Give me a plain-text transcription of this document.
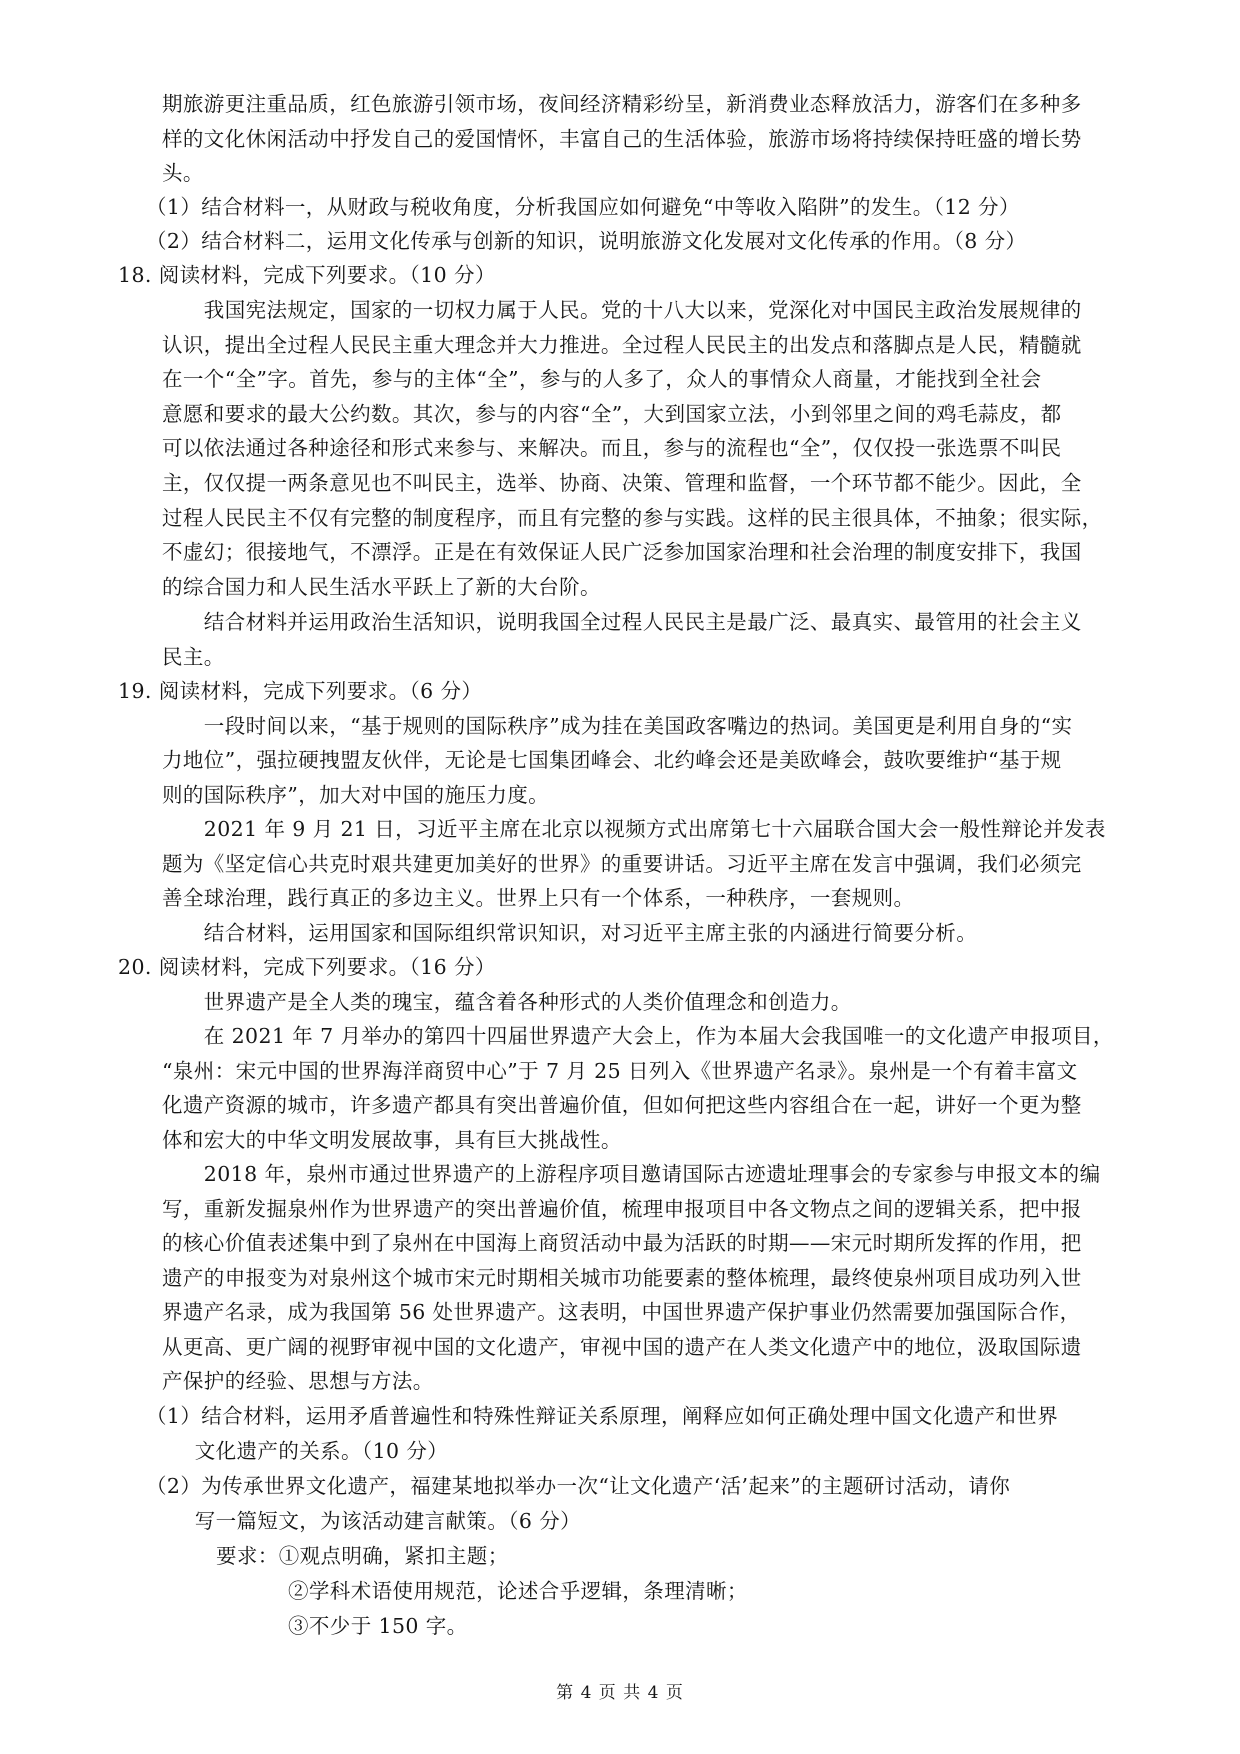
期旅游更注重品质，红色旅游引领市场，夜间经济精彩纷呈，新消费业态释放活力，游客们在多种多
样的文化休闲活动中抒发自己的爱国情怀，丰富自己的生活体验，旅游市场将持续保持旺盛的增长势
头。
（1）结合材料一，从财政与税收角度，分析我国应如何避免“中等收入陷阱”的发生。（12 分）
（2）结合材料二，运用文化传承与创新的知识，说明旅游文化发展对文化传承的作用。（8 分）
18. 阅读材料，完成下列要求。（10 分）
　　我国宪法规定，国家的一切权力属于人民。党的十八大以来，党深化对中国民主政治发展规律的
认识，提出全过程人民民主重大理念并大力推进。全过程人民民主的出发点和落脚点是人民，精髓就
在一个“全”字。首先，参与的主体“全”，参与的人多了，众人的事情众人商量，才能找到全社会
意愿和要求的最大公约数。其次，参与的内容“全”，大到国家立法，小到邻里之间的鸡毛蒜皮，都
可以依法通过各种途径和形式来参与、来解决。而且，参与的流程也“全”，仅仅投一张选票不叫民
主，仅仅提一两条意见也不叫民主，选举、协商、决策、管理和监督，一个环节都不能少。因此，全
过程人民民主不仅有完整的制度程序，而且有完整的参与实践。这样的民主很具体，不抽象；很实际，
不虚幻；很接地气，不漂浮。正是在有效保证人民广泛参加国家治理和社会治理的制度安排下，我国
的综合国力和人民生活水平跃上了新的大台阶。
　　结合材料并运用政治生活知识，说明我国全过程人民民主是最广泛、最真实、最管用的社会主义
民主。
19. 阅读材料，完成下列要求。（6 分）
　　一段时间以来，“基于规则的国际秩序”成为挂在美国政客嘴边的热词。美国更是利用自身的“实
力地位”，强拉硬拽盟友伙伴，无论是七国集团峰会、北约峰会还是美欧峰会，鼓吹要维护“基于规
则的国际秩序”，加大对中国的施压力度。
　　2021 年 9 月 21 日，习近平主席在北京以视频方式出席第七十六届联合国大会一般性辩论并发表
题为《坚定信心共克时艰共建更加美好的世界》的重要讲话。习近平主席在发言中强调，我们必须完
善全球治理，践行真正的多边主义。世界上只有一个体系，一种秩序，一套规则。
　　结合材料，运用国家和国际组织常识知识，对习近平主席主张的内涵进行简要分析。
20. 阅读材料，完成下列要求。（16 分）
　　世界遗产是全人类的瑰宝，蕴含着各种形式的人类价值理念和创造力。
　　在 2021 年 7 月举办的第四十四届世界遗产大会上，作为本届大会我国唯一的文化遗产申报项目，
“泉州：宋元中国的世界海洋商贸中心”于 7 月 25 日列入《世界遗产名录》。泉州是一个有着丰富文
化遗产资源的城市，许多遗产都具有突出普遍价值，但如何把这些内容组合在一起，讲好一个更为整
体和宏大的中华文明发展故事，具有巨大挑战性。
　　2018 年，泉州市通过世界遗产的上游程序项目邀请国际古迹遗址理事会的专家参与申报文本的编
写，重新发掘泉州作为世界遗产的突出普遍价值，梳理申报项目中各文物点之间的逻辑关系，把中报
的核心价值表述集中到了泉州在中国海上商贸活动中最为活跃的时期——宋元时期所发挥的作用，把
遗产的申报变为对泉州这个城市宋元时期相关城市功能要素的整体梳理，最终使泉州项目成功列入世
界遗产名录，成为我国第 56 处世界遗产。这表明，中国世界遗产保护事业仍然需要加强国际合作，
从更高、更广阔的视野审视中国的文化遗产，审视中国的遗产在人类文化遗产中的地位，汲取国际遗
产保护的经验、思想与方法。
（1）结合材料，运用矛盾普遍性和特殊性辩证关系原理，阐释应如何正确处理中国文化遗产和世界
　　 文化遗产的关系。（10 分）
（2）为传承世界文化遗产，福建某地拟举办一次“让文化遗产‘活’起来”的主题研讨活动，请你
　　 写一篇短文，为该活动建言献策。（6 分）
要求：①观点明确，紧扣主题；
②学科术语使用规范，论述合乎逻辑，条理清晰；
③不少于 150 字。
第 4 页 共 4 页
